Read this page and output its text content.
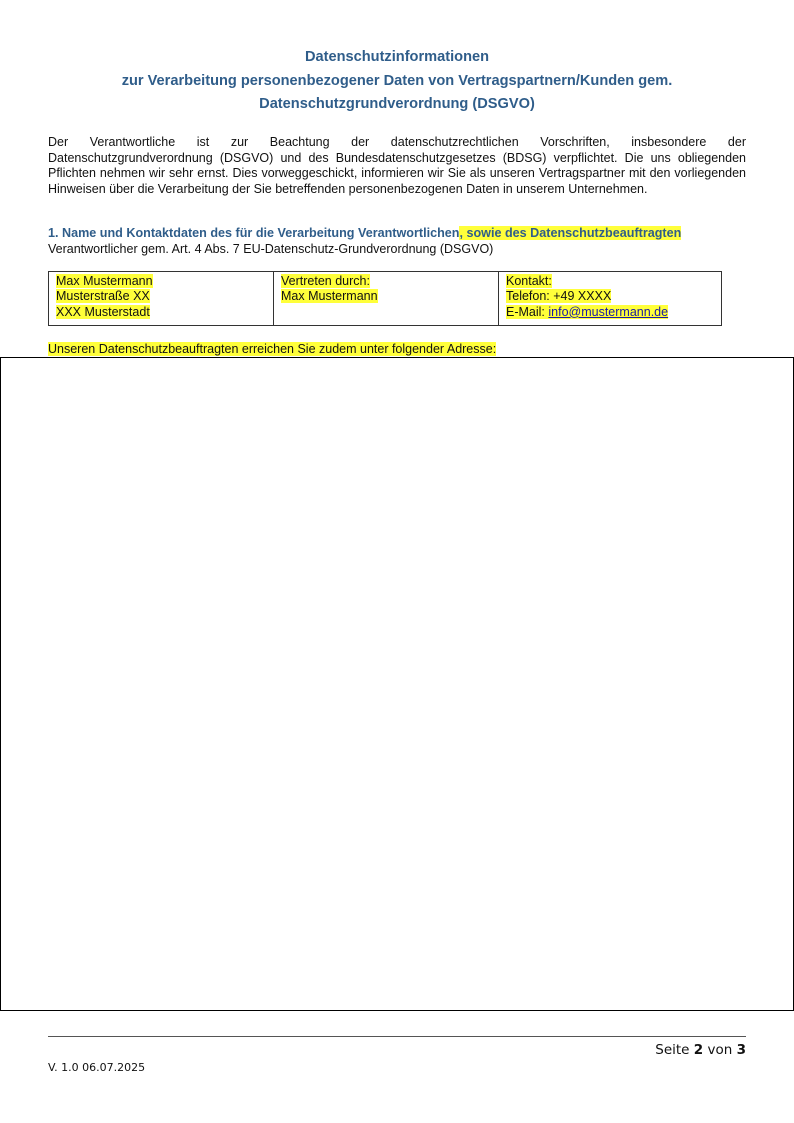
Datenschutzinformationen
zur Verarbeitung personenbezogener Daten von Vertragspartnern/Kunden gem.
Datenschutzgrundverordnung (DSGVO)

Der Verantwortliche ist zur Beachtung der datenschutzrechtlichen Vorschriften, insbesondere der Datenschutzgrundverordnung (DSGVO) und des Bundesdatenschutzgesetzes (BDSG) verpflichtet. Die uns obliegenden Pflichten nehmen wir sehr ernst. Dies vorweggeschickt, informieren wir Sie als unseren Vertragspartner mit den vorliegenden Hinweisen über die Verarbeitung der Sie betreffenden personenbezogenen Daten in unserem Unternehmen.

1. Name und Kontaktdaten des für die Verarbeitung Verantwortlichen, sowie des Datenschutzbeauftragten
Verantwortlicher gem. Art. 4 Abs. 7 EU-Datenschutz-Grundverordnung (DSGVO)
Max Mustermann
Musterstraße XX
XXX Musterstadt
Vertreten durch:
Max Mustermann
Kontakt:
Telefon: +49 XXXX
E-Mail: info@mustermann.de
Unseren Datenschutzbeauftragten erreichen Sie zudem unter folgender Adresse:
Seite 2 von 3
V. 1.0 06.07.2025
